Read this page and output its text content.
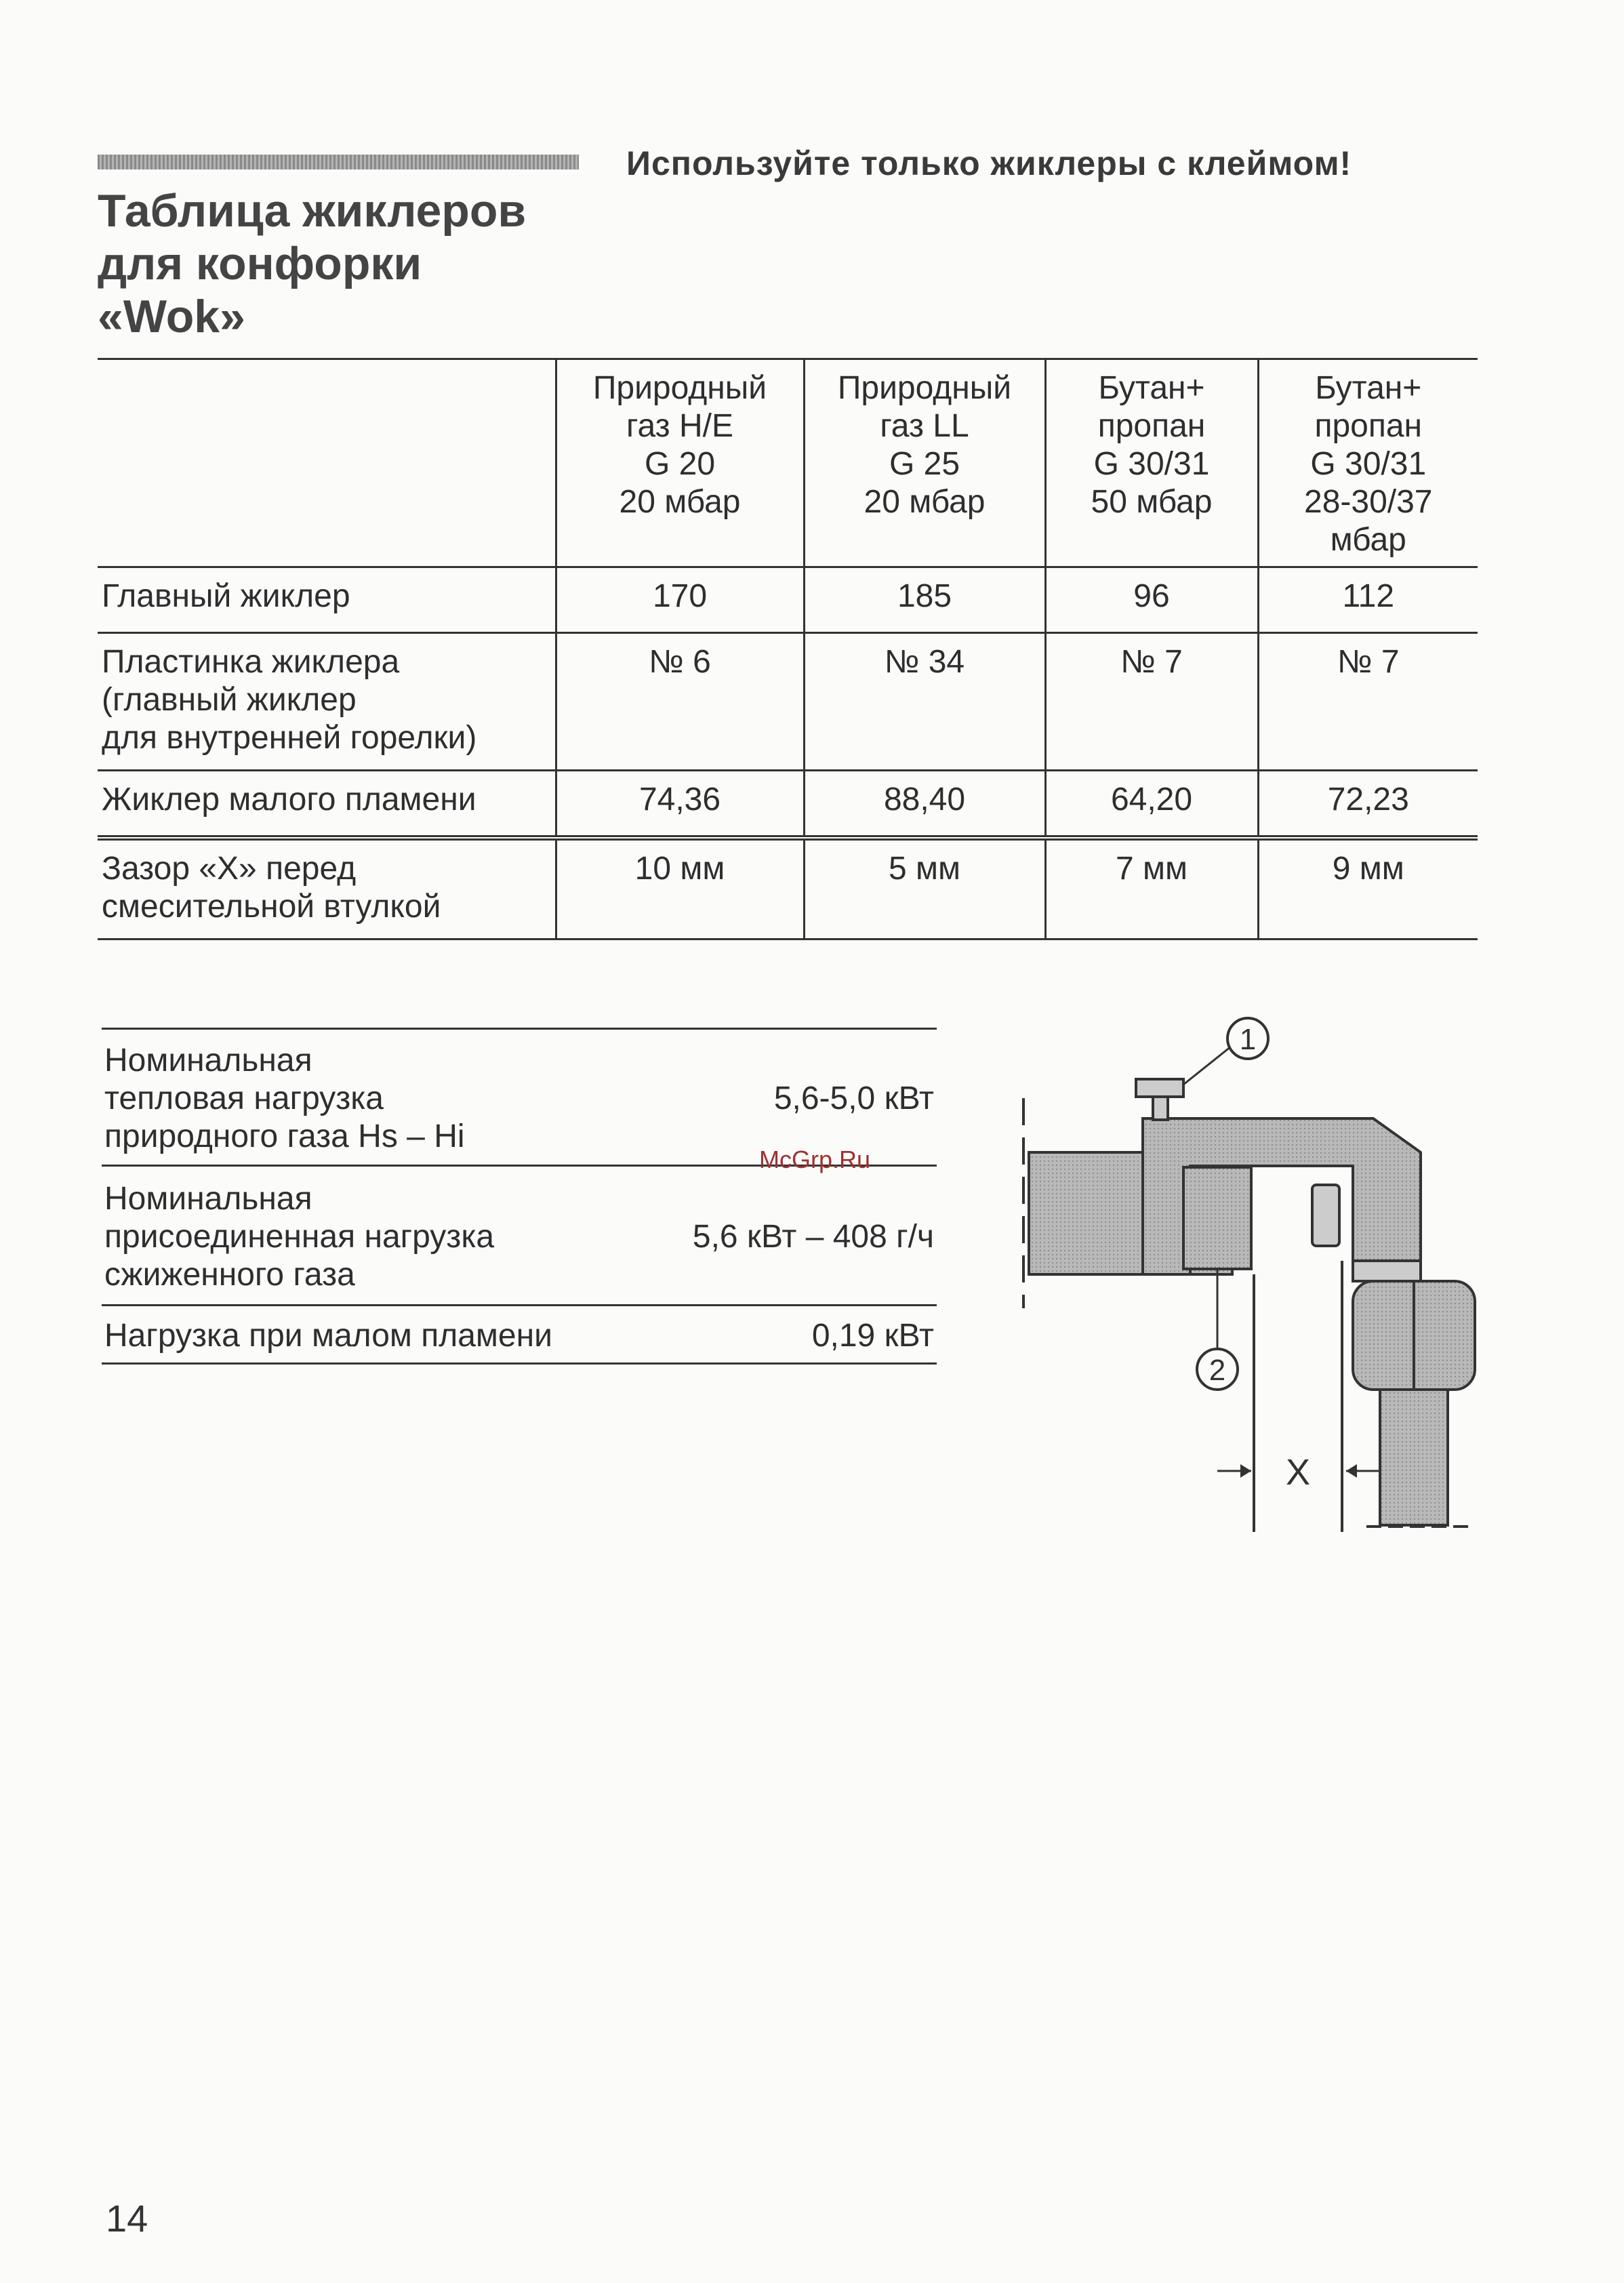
Используйте только жиклеры с клеймом!
Таблица жиклеров
для конфорки
«Wok»

	Природный
газ H/E
G 20
20 мбар	Природный
газ LL
G 25
20 мбар	Бутан+
пропан
G 30/31
50 мбар	Бутан+
пропан
G 30/31
28-30/37
мбар

Главный жиклер	170	185	96	112

Пластинка жиклера
(главный жиклер
для внутренней горелки)	№ 6	№ 34	№ 7	№ 7

Жиклер малого пламени	74,36	88,40	64,20	72,23

Зазор «X» перед
смесительной втулкой	10 мм	5 мм	7 мм	9 мм
Номинальная
тепловая нагрузка
природного газа Hs – Hi	5,6-5,0 кВт

Номинальная
присоединенная нагрузка
сжиженного газа	5,6 кВт – 408 г/ч

Нагрузка при малом пламени	0,19 кВт
McGrp.Ru
X
1
2
14
